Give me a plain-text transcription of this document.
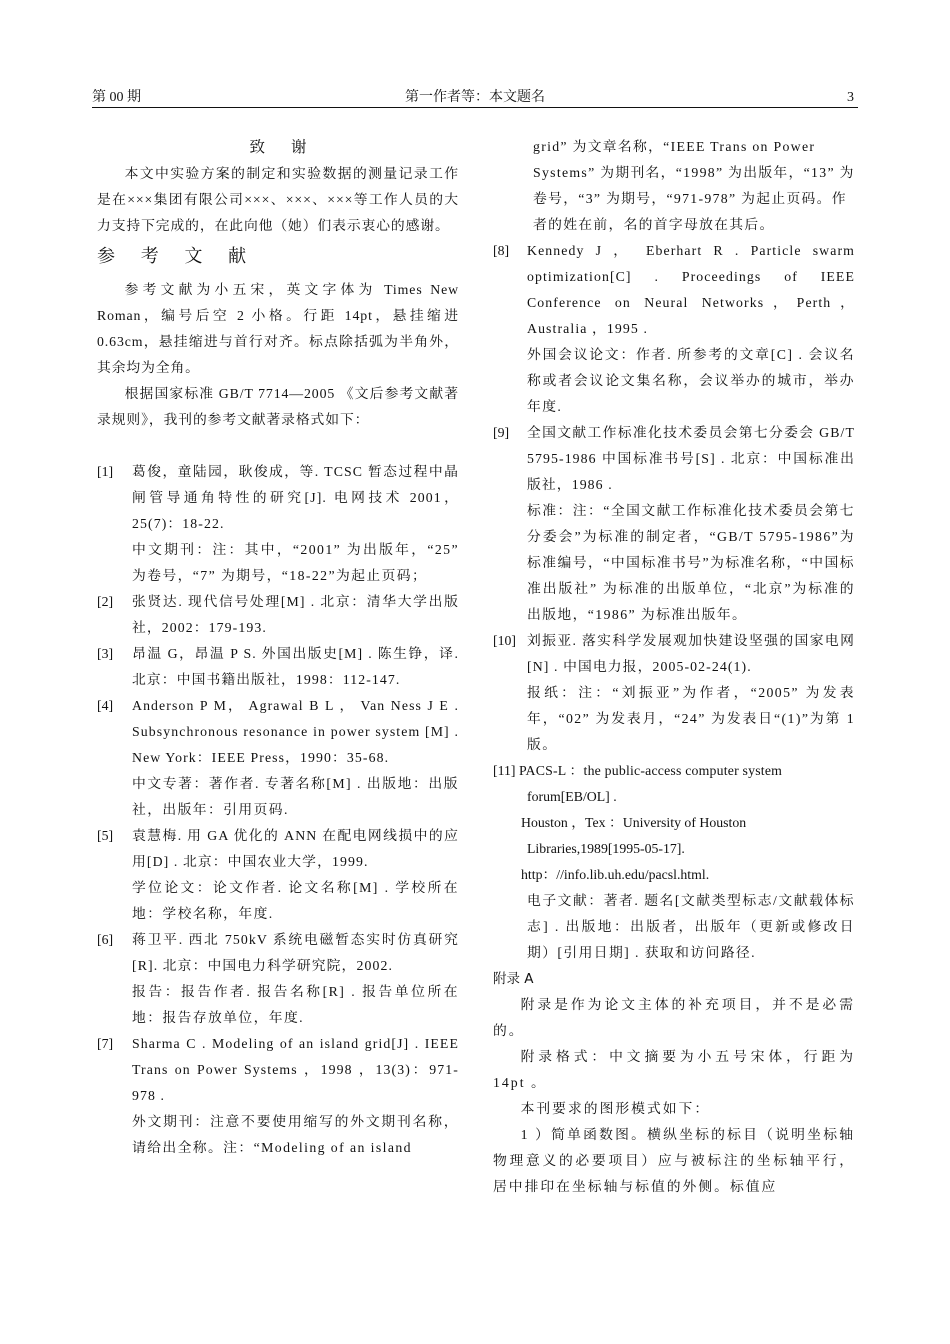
第 00 期	第一作者等：本文题名	3
致谢

本文中实验方案的制定和实验数据的测量记录工作是在×××集团有限公司×××、×××、×××等工作人员的大力支持下完成的，在此向他（她）们表示衷心的感谢。

参 考 文 献

参考文献为小五宋，英文字体为 Times New Roman，编号后空 2 小格。行距 14pt，悬挂缩进 0.63cm，悬挂缩进与首行对齐。标点除括弧为半角外，其余均为全角。

根据国家标准 GB/T 7714—2005 《文后参考文献著录规则》，我刊的参考文献著录格式如下：

[1] 葛俊，童陆园，耿俊成，等. TCSC 暂态过程中晶闸管导通角特性的研究[J]. 电网技术 2001，25(7)：18-22.
中文期刊：注：其中，“2001” 为出版年，“25” 为卷号，“7” 为期号，“18-22”为起止页码；
[2] 张贤达. 现代信号处理[M] . 北京：清华大学出版社，2002：179-193.
[3] 昂温 G，昂温 P S. 外国出版史[M] . 陈生铮，译. 北京：中国书籍出版社，1998：112-147.
[4] Anderson P M， Agrawal B L ， Van Ness J E . Subsynchronous resonance in power system [M] . New York：IEEE Press，1990：35-68.
中文专著：著作者. 专著名称[M] . 出版地：出版社，出版年：引用页码.
[5] 袁慧梅. 用 GA 优化的 ANN 在配电网线损中的应用[D] . 北京：中国农业大学，1999.
学位论文：论文作者. 论文名称[M] . 学校所在地：学校名称，年度.
[6] 蒋卫平. 西北 750kV 系统电磁暂态实时仿真研究[R]. 北京：中国电力科学研究院，2002.
报告：报告作者. 报告名称[R] . 报告单位所在地：报告存放单位，年度.
[7] Sharma C . Modeling of an island grid[J] . IEEE Trans on Power Systems ，1998 ，13(3)：971-978 .
外文期刊：注意不要使用缩写的外文期刊名称，请给出全称。注：“Modeling of an island
grid” 为文章名称，“IEEE Trans on Power Systems” 为期刊名，“1998” 为出版年，“13” 为卷号，“3” 为期号，“971-978” 为起止页码。作者的姓在前，名的首字母放在其后。
[8] Kennedy J ， Eberhart R . Particle swarm optimization[C] . Proceedings of IEEE Conference on Neural Networks，Perth，Australia ，1995 .
外国会议论文：作者. 所参考的文章[C] . 会议名称或者会议论文集名称，会议举办的城市，举办年度.
[9] 全国文献工作标准化技术委员会第七分委会 GB/T 5795-1986 中国标准书号[S] . 北京：中国标准出版社，1986 .
标准：注：“全国文献工作标准化技术委员会第七分委会”为标准的制定者，“GB/T 5795-1986”为标准编号，“中国标准书号”为标准名称，“中国标准出版社” 为标准的出版单位，“北京”为标准的出版地，“1986” 为标准出版年。
[10] 刘振亚. 落实科学发展观加快建设坚强的国家电网[N] . 中国电力报，2005-02-24(1).
报纸：注：“刘振亚”为作者，“2005” 为发表年，“02” 为发表月，“24” 为发表日“(1)”为第 1 版。
[11] PACS-L ：the public-access computer system
forum[EB/OL] .
Houston ，Tex ：University of Houston
Libraries,1989[1995-05-17].
http：//info.lib.uh.edu/pacsl.html.
电子文献：著者. 题名[文献类型标志/文献载体标志] . 出版地：出版者，出版年（更新或修改日期）[引用日期] . 获取和访问路径.
附录 A

附录是作为论文主体的补充项目，并不是必需的。

附录格式：中文摘要为小五号宋体，行距为 14pt 。

本刊要求的图形模式如下：

1 ）简单函数图。横纵坐标的标目（说明坐标轴物理意义的必要项目）应与被标注的坐标轴平行，居中排印在坐标轴与标值的外侧。标值应
